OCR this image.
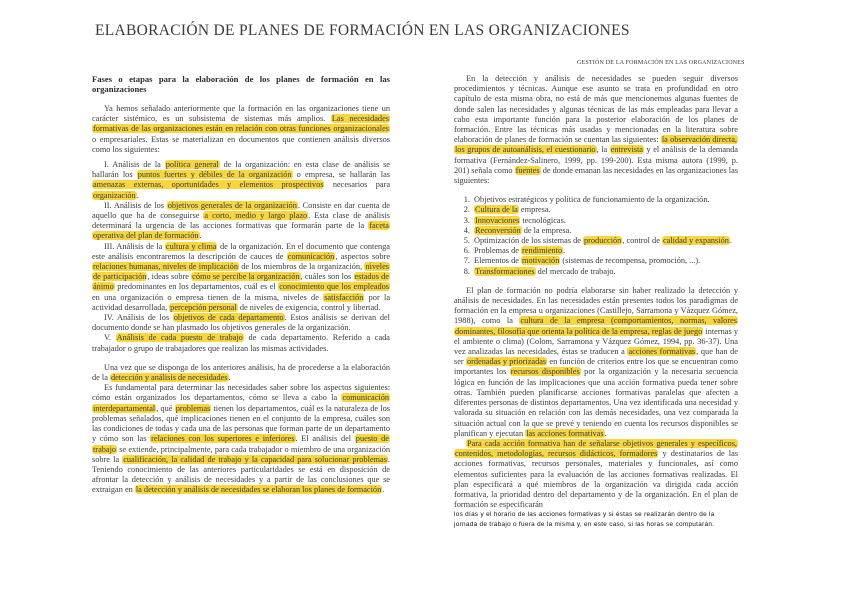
ELABORACIÓN DE PLANES DE FORMACIÓN EN LAS ORGANIZACIONES
GESTIÓN DE LA FORMACIÓN EN LAS ORGANIZACIONES

Fases o etapas para la elaboración de los planes de formación en las organizaciones

Ya hemos señalado anteriormente que la formación en las organizaciones tiene un carácter sistémico, es un subsistema de sistemas más amplios. Las necesidades formativas de las organizaciones están en relación con otras funciones organizacionales o empresariales. Estas se materializan en documentos que contienen análisis diversos como los siguientes:

I. Análisis de la política general de la organización: en esta clase de análisis se hallarán los puntos fuertes y débiles de la organización o empresa, se hallarán las amenazas externas, oportunidades y elementos prospectivos necesarios para organización.

II. Análisis de los objetivos generales de la organización. Consiste en dar cuenta de aquello que ha de conseguirse a corto, medio y largo plazo. Esta clase de análisis determinará la urgencia de las acciones formativas que formarán parte de la faceta operativa del plan de formación.

III. Análisis de la cultura y clima de la organización. En el documento que contenga este análisis encontraremos la descripción de cauces de comunicación, aspectos sobre relaciones humanas, niveles de implicación de los miembros de la organización, niveles de participación, ideas sobre cómo se percibe la organización, cuáles son los estados de ánimo predominantes en los departamentos, cuál es el conocimiento que los empleados en una organización o empresa tienen de la misma, niveles de satisfacción por la actividad desarrollada, percepción personal de niveles de exigencia, control y libertad.

IV. Análisis de los objetivos de cada departamento. Estos análisis se derivan del documento donde se han plasmado los objetivos generales de la organización.

V. Análisis de cada puesto de trabajo de cada departamento. Referido a cada trabajador o grupo de trabajadores que realizan las mismas actividades.

Una vez que se disponga de los anteriores análisis, ha de procederse a la elaboración de la detección y análisis de necesidades.

Es fundamental para determinar las necesidades saber sobre los aspectos siguientes: cómo están organizados los departamentos, cómo se lleva a cabo la comunicación interdepartamental, qué problemas tienen los departamentos, cuál es la naturaleza de los problemas señalados, qué implicaciones tienen en el conjunto de la empresa, cuáles son las condiciones de todas y cada una de las personas que forman parte de un departamento y cómo son las relaciones con los superiores e inferiores. El análisis del puesto de trabajo se extiende, principalmente, para cada trabajador o miembro de una organización sobre la cualificación, la calidad de trabajo y la capacidad para solucionar problemas. Teniendo conocimiento de las anteriores particularidades se está en disposición de afrontar la detección y análisis de necesidades y a partir de las conclusiones que se extraigan en la detección y análisis de necesidades se elaboran los planes de formación.

En la detección y análisis de necesidades se pueden seguir diversos procedimientos y técnicas. Aunque ese asunto se trata en profundidad en otro capítulo de esta misma obra, no está de más que mencionemos algunas fuentes de donde salen las necesidades y algunas técnicas de las más empleadas para llevar a cabo esta importante función para la posterior elaboración de los planes de formación. Entre las técnicas más usadas y mencionadas en la literatura sobre elaboración de planes de formación se cuentan las siguientes: la observación directa, los grupos de autoanálisis, el cuestionario, la entrevista y el análisis de la demanda formativa (Fernández-Salinero, 1999, pp. 199-200). Esta misma autora (1999, p. 201) señala como fuentes de donde emanan las necesidades en las organizaciones las siguientes:

1. Objetivos estratégicos y política de funcionamiento de la organización.
2. Cultura de la empresa.
3. Innovaciones tecnológicas.
4. Reconversión de la empresa.
5. Optimización de los sistemas de producción, control de calidad y expansión.
6. Problemas de rendimiento.
7. Elementos de motivación (sistemas de recompensa, promoción, ...).
8. Transformaciones del mercado de trabajo.

El plan de formación no podría elaborarse sin haber realizado la detección y análisis de necesidades. En las necesidades están presentes todos los paradigmas de formación en la empresa u organizaciones (Castillejo, Sarramona y Vázquez Gómez, 1988), como la cultura de la empresa (comportamientos, normas, valores dominantes, filosofía que orienta la política de la empresa, reglas de juego internas y el ambiente o clima) (Colom, Sarramona y Vázquez Gómez, 1994, pp. 36-37). Una vez analizadas las necesidades, éstas se traducen a acciones formativas, que han de ser ordenadas y priorizadas en función de criterios entre los que se encuentran como importantes los recursos disponibles por la organización y la necesaria secuencia lógica en función de las implicaciones que una acción formativa pueda tener sobre otras. También pueden planificarse acciones formativas paralelas que afecten a diferentes personas de distintos departamentos. Una vez identificada una necesidad y valorada su situación en relación con las demás necesidades, una vez comparada la situación actual con la que se prevé y teniendo en cuenta los recursos disponibles se planifican y ejecutan las acciones formativas.

Para cada acción formativa han de señalarse objetivos generales y específicos, contenidos, metodologías, recursos didácticos, formadores y destinatarios de las acciones formativas, recursos personales, materiales y funcionales, así como elementos suficientes para la evaluación de las acciones formativas realizadas. El plan especificará a qué miembros de la organización va dirigida cada acción formativa, la prioridad dentro del departamento y de la organización. En el plan de formación se especificarán

los días y el horario de las acciones formativas y si éstas se realizarán dentro de la jornada de trabajo o fuera de la misma y, en este caso, si las horas se computarán.
